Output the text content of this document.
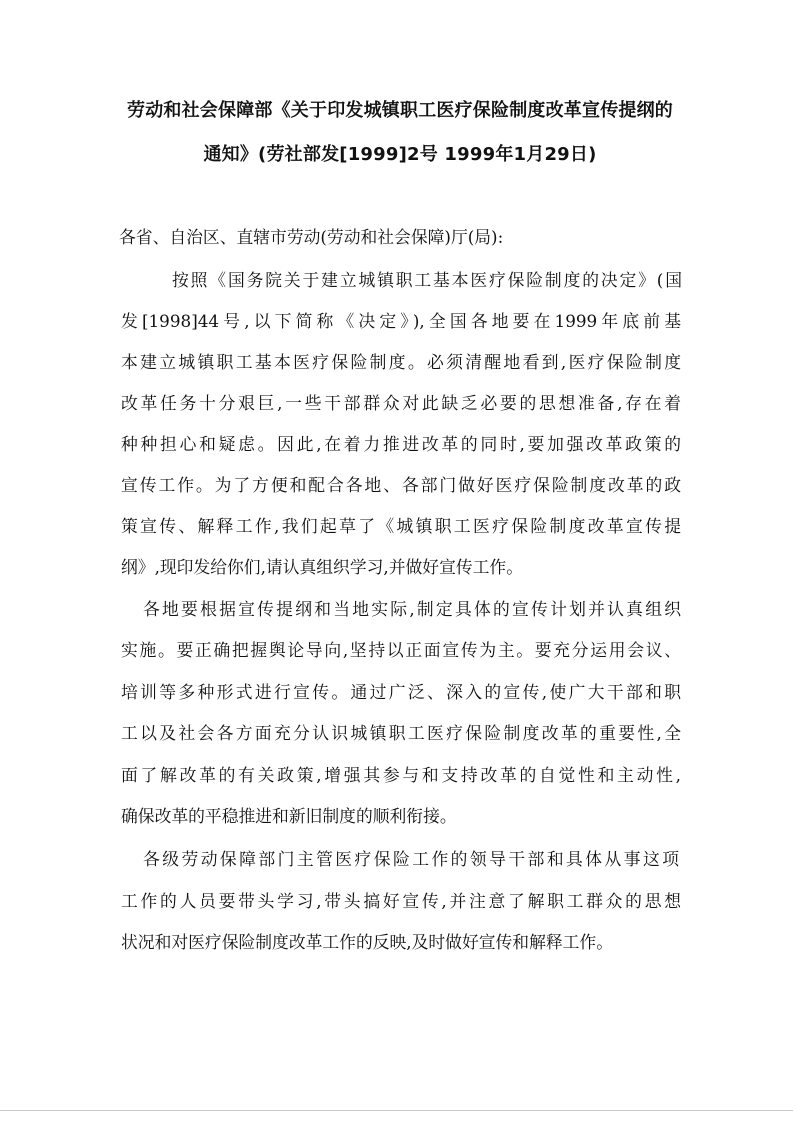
劳动和社会保障部《关于印发城镇职工医疗保险制度改革宣传提纲的
通知》(劳社部发[1999]2号 1999年1月29日)
各省、自治区、直辖市劳动(劳动和社会保障)厅(局):
按照《国务院关于建立城镇职工基本医疗保险制度的决定》(国
发[1998]44号,以下简称《决定》),全国各地要在1999年底前基
本建立城镇职工基本医疗保险制度。必须清醒地看到,医疗保险制度
改革任务十分艰巨,一些干部群众对此缺乏必要的思想准备,存在着
种种担心和疑虑。因此,在着力推进改革的同时,要加强改革政策的
宣传工作。为了方便和配合各地、各部门做好医疗保险制度改革的政
策宣传、解释工作,我们起草了《城镇职工医疗保险制度改革宣传提
纲》,现印发给你们,请认真组织学习,并做好宣传工作。
各地要根据宣传提纲和当地实际,制定具体的宣传计划并认真组织
实施。要正确把握舆论导向,坚持以正面宣传为主。要充分运用会议、
培训等多种形式进行宣传。通过广泛、深入的宣传,使广大干部和职
工以及社会各方面充分认识城镇职工医疗保险制度改革的重要性,全
面了解改革的有关政策,增强其参与和支持改革的自觉性和主动性,
确保改革的平稳推进和新旧制度的顺利衔接。
各级劳动保障部门主管医疗保险工作的领导干部和具体从事这项
工作的人员要带头学习,带头搞好宣传,并注意了解职工群众的思想
状况和对医疗保险制度改革工作的反映,及时做好宣传和解释工作。
